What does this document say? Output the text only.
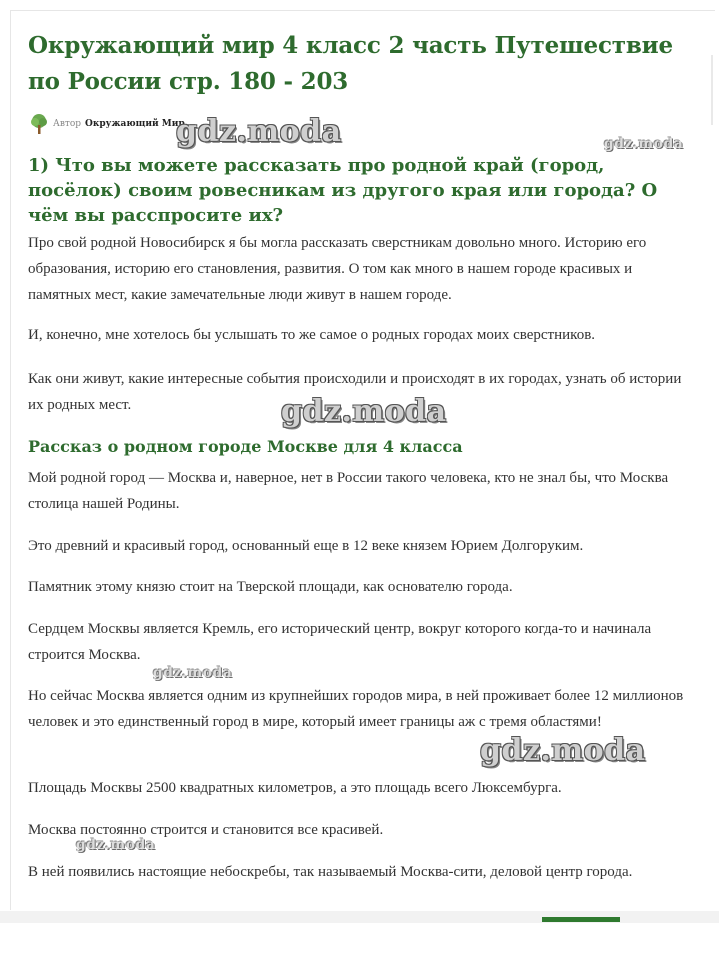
Окружающий мир 4 класс 2 часть Путешествие по России стр. 180 - 203
Автор Окружающий Мир
1) Что вы можете рассказать про родной край (город, посёлок) своим ровесникам из другого края или города? О чём вы расспросите их?

Про свой родной Новосибирск я бы могла рассказать сверстникам довольно много. Историю его образования, историю его становления, развития. О том как много в нашем городе красивых и памятных мест, какие замечательные люди живут в нашем городе.

И, конечно, мне хотелось бы услышать то же самое о родных городах моих сверстников.

Как они живут, какие интересные события происходили и происходят в их городах, узнать об истории их родных мест.

Рассказ о родном городе Москве для 4 класса

Мой родной город — Москва и, наверное, нет в России такого человека, кто не знал бы, что Москва столица нашей Родины.

Это древний и красивый город, основанный еще в 12 веке князем Юрием Долгоруким.

Памятник этому князю стоит на Тверской площади, как основателю города.

Сердцем Москвы является Кремль, его исторический центр, вокруг которого когда-то и начинала строится Москва.

Но сейчас Москва является одним из крупнейших городов мира, в ней проживает более 12 миллионов человек и это единственный город в мире, который имеет границы аж с тремя областями!

Площадь Москвы 2500 квадратных километров, а это площадь всего Люксембурга.

Москва постоянно строится и становится все красивей.

В ней появились настоящие небоскребы, так называемый Москва-сити, деловой центр города.

gdz.moda	gdz.moda
gdz.moda
gdz.moda
gdz.moda
gdz.moda
